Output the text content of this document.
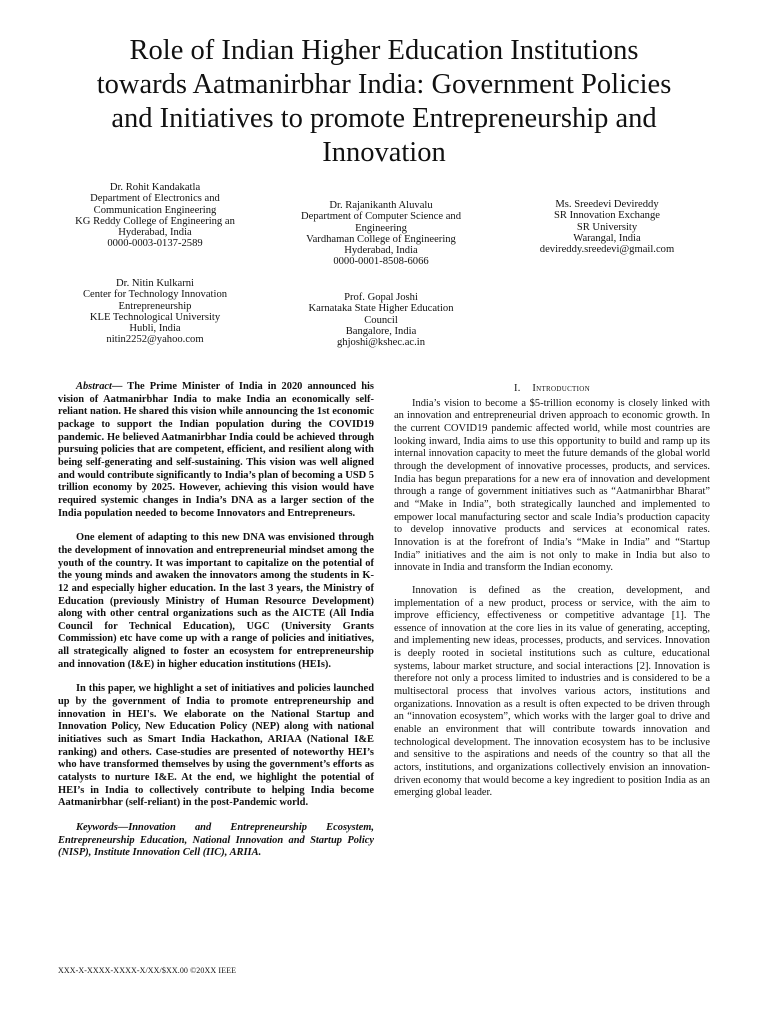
Role of Indian Higher Education Institutions
towards Aatmanirbhar India: Government Policies
and Initiatives to promote Entrepreneurship and
Innovation
Dr. Rohit Kandakatla
Department of Electronics and
Communication Engineering
KG Reddy College of Engineering an
Hyderabad, India
0000-0003-0137-2589
Dr. Rajanikanth Aluvalu
Department of Computer Science and
Engineering
Vardhaman College of Engineering
Hyderabad, India
0000-0001-8508-6066
Ms. Sreedevi Devireddy
SR Innovation Exchange
SR University
Warangal, India
devireddy.sreedevi@gmail.com
Dr. Nitin Kulkarni
Center for Technology Innovation
Entrepreneurship
KLE Technological University
Hubli, India
nitin2252@yahoo.com
Prof. Gopal Joshi
Karnataka State Higher Education
Council
Bangalore, India
ghjoshi@kshec.ac.in

Abstract— The Prime Minister of India in 2020 announced his vision of Aatmanirbhar India to make India an economically self-reliant nation. He shared this vision while announcing the 1st economic package to support the Indian population during the COVID19 pandemic. He believed Aatmanirbhar India could be achieved through pursuing policies that are competent, efficient, and resilient along with being self-generating and self-sustaining. This vision was well aligned and would contribute significantly to India’s plan of becoming a USD 5 trillion economy by 2025. However, achieving this vision would have required systemic changes in India’s DNA as a larger section of the India population needed to become Innovators and Entrepreneurs.

One element of adapting to this new DNA was envisioned through the development of innovation and entrepreneurial mindset among the youth of the country. It was important to capitalize on the potential of the young minds and awaken the innovators among the students in K-12 and especially higher education. In the last 3 years, the Ministry of Education (previously Ministry of Human Resource Development) along with other central organizations such as the AICTE (All India Council for Technical Education), UGC (University Grants Commission) etc have come up with a range of policies and initiatives, all strategically aligned to foster an ecosystem for entrepreneurship and innovation (I&E) in higher education institutions (HEIs).

In this paper, we highlight a set of initiatives and policies launched up by the government of India to promote entrepreneurship and innovation in HEI's. We elaborate on the National Startup and Innovation Policy, New Education Policy (NEP) along with national initiatives such as Smart India Hackathon, ARIAA (National I&E ranking) and others. Case-studies are presented of noteworthy HEI’s who have transformed themselves by using the government’s efforts as catalysts to nurture I&E. At the end, we highlight the potential of HEI’s in India to collectively contribute to helping India become Aatmanirbhar (self-reliant) in the post-Pandemic world.

Keywords—Innovation and Entrepreneurship Ecosystem, Entrepreneurship Education, National Innovation and Startup Policy (NISP), Institute Innovation Cell (IIC), ARIIA.

I. Introduction

India’s vision to become a $5-trillion economy is closely linked with an innovation and entrepreneurial driven approach to economic growth. In the current COVID19 pandemic affected world, while most countries are looking inward, India aims to use this opportunity to build and ramp up its internal innovation capacity to meet the future demands of the global world through the development of innovative processes, products, and services. India has begun preparations for a new era of innovation and development through a range of government initiatives such as “Aatmanirbhar Bharat” and “Make in India”, both strategically launched and implemented to empower local manufacturing sector and scale India’s production capacity to develop innovative products and services at economical rates. Innovation is at the forefront of India’s “Make in India” and “Startup India” initiatives and the aim is not only to make in India but also to innovate in India and transform the Indian economy.

Innovation is defined as the creation, development, and implementation of a new product, process or service, with the aim to improve efficiency, effectiveness or competitive advantage [1]. The essence of innovation at the core lies in its value of generating, accepting, and implementing new ideas, processes, products, and services. Innovation is deeply rooted in societal institutions such as culture, educational systems, labour market structure, and social interactions [2]. Innovation is therefore not only a process limited to industries and is considered to be a multisectoral process that involves various actors, institutions and organizations. Innovation as a result is often expected to be driven through an “innovation ecosystem”, which works with the larger goal to drive and enable an environment that will contribute towards innovation and technological development. The innovation ecosystem has to be inclusive and sensitive to the aspirations and needs of the country so that all the actors, institutions, and organizations collectively envision an innovation-driven economy that would become a key ingredient to position India as an emerging global leader.

XXX-X-XXXX-XXXX-X/XX/$XX.00 ©20XX IEEE
